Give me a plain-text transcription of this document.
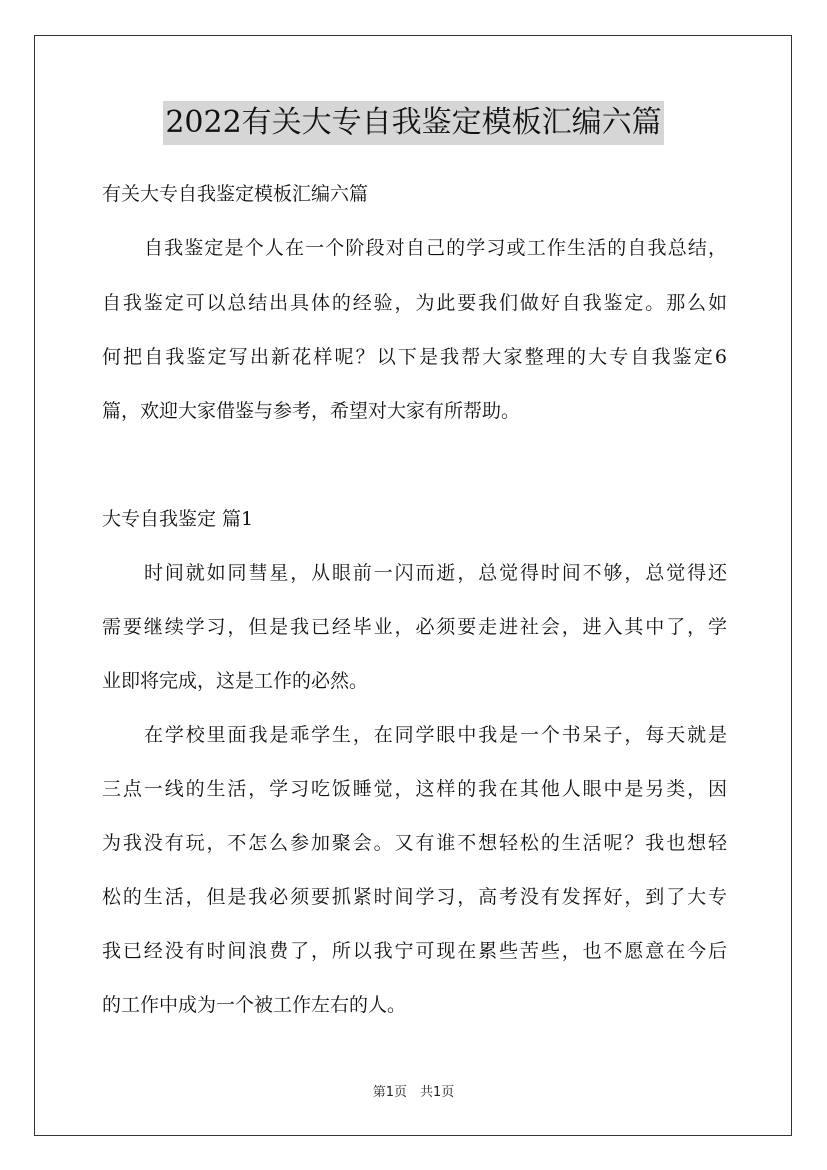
2022有关大专自我鉴定模板汇编六篇
有关大专自我鉴定模板汇编六篇
自我鉴定是个人在一个阶段对自己的学习或工作生活的自我总结，
自我鉴定可以总结出具体的经验，为此要我们做好自我鉴定。那么如
何把自我鉴定写出新花样呢？以下是我帮大家整理的大专自我鉴定6
篇，欢迎大家借鉴与参考，希望对大家有所帮助。
大专自我鉴定 篇1
时间就如同彗星，从眼前一闪而逝，总觉得时间不够，总觉得还
需要继续学习，但是我已经毕业，必须要走进社会，进入其中了，学
业即将完成，这是工作的必然。
在学校里面我是乖学生，在同学眼中我是一个书呆子，每天就是
三点一线的生活，学习吃饭睡觉，这样的我在其他人眼中是另类，因
为我没有玩，不怎么参加聚会。又有谁不想轻松的生活呢？我也想轻
松的生活，但是我必须要抓紧时间学习，高考没有发挥好，到了大专
我已经没有时间浪费了，所以我宁可现在累些苦些，也不愿意在今后
的工作中成为一个被工作左右的人。
第1页　共1页
